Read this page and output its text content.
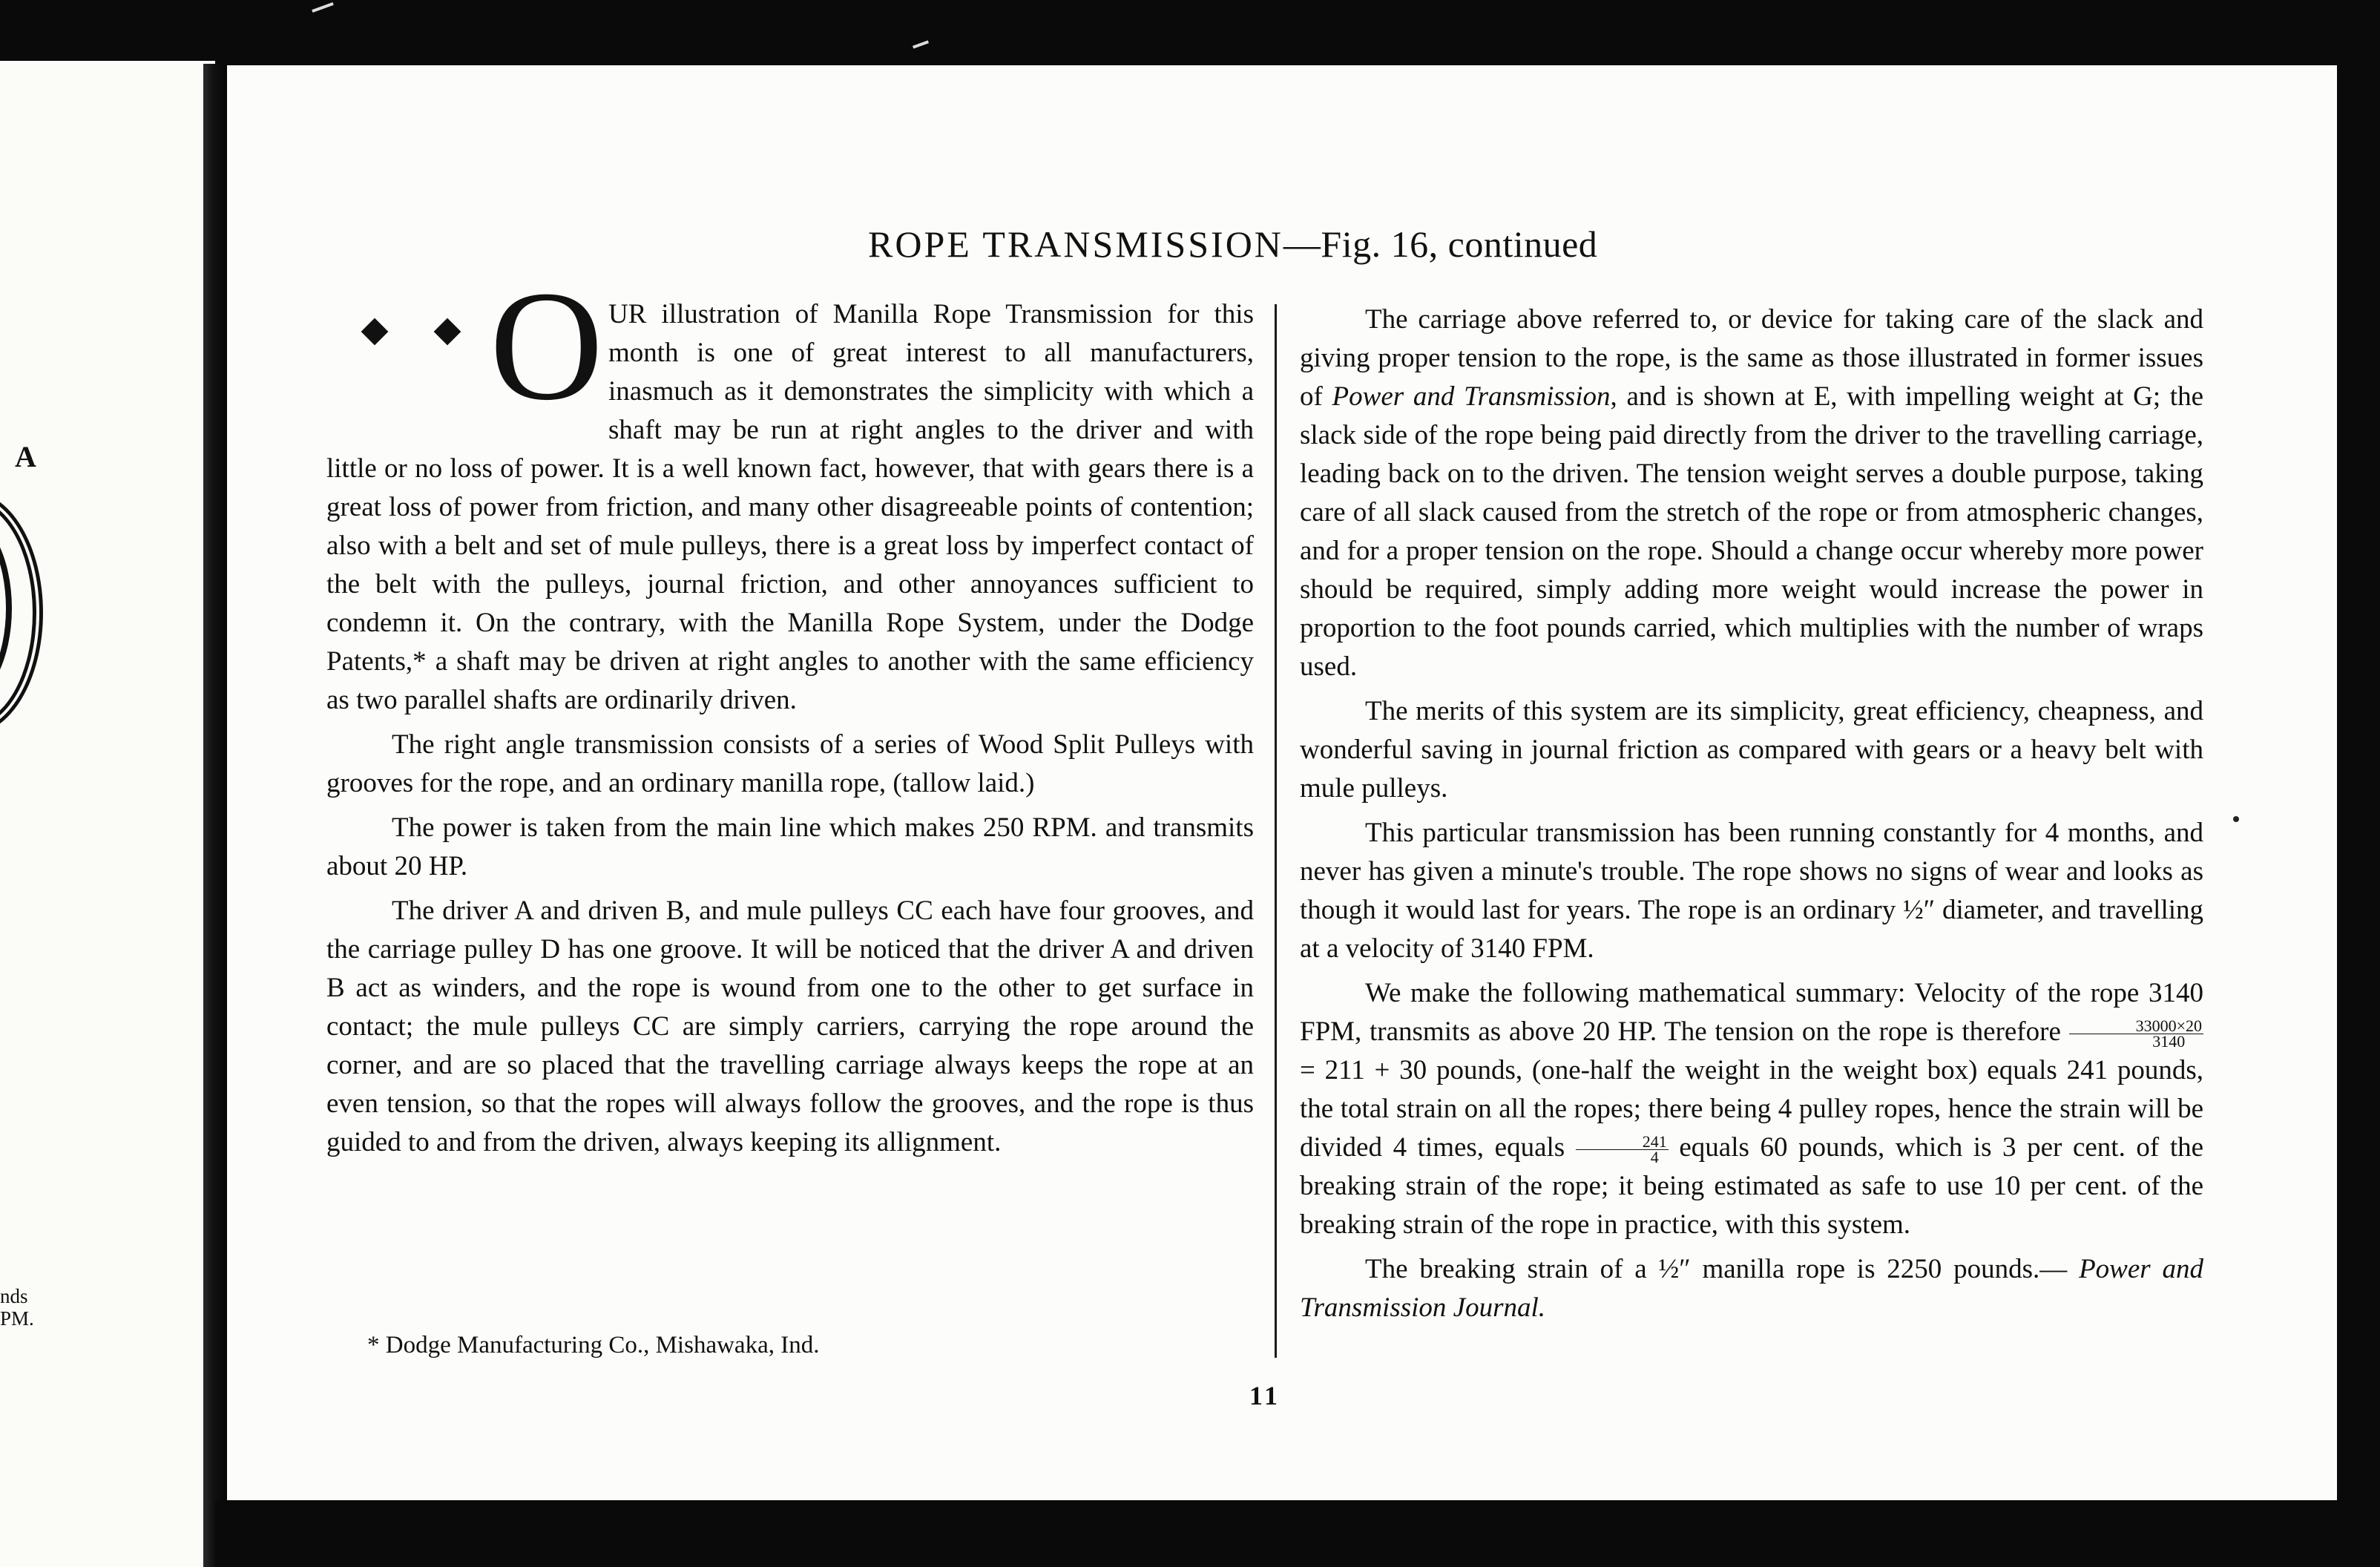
A
nds
PM.
ROPE TRANSMISSION—Fig. 16, continued
O UR illustration of Manilla Rope Transmission for this month is one of great interest to all manufacturers, inasmuch as it demonstrates the simplicity with which a shaft may be run at right angles to the driver and with little or no loss of power. It is a well known fact, however, that with gears there is a great loss of power from friction, and many other disagreeable points of contention; also with a belt and set of mule pulleys, there is a great loss by imperfect contact of the belt with the pulleys, journal friction, and other annoyances sufficient to condemn it. On the contrary, with the Manilla Rope System, under the Dodge Patents,* a shaft may be driven at right angles to another with the same efficiency as two parallel shafts are ordinarily driven.

The right angle transmission consists of a series of Wood Split Pulleys with grooves for the rope, and an ordinary manilla rope, (tallow laid.)

The power is taken from the main line which makes 250 RPM. and transmits about 20 HP.

The driver A and driven B, and mule pulleys CC each have four grooves, and the carriage pulley D has one groove. It will be noticed that the driver A and driven B act as winders, and the rope is wound from one to the other to get surface in contact; the mule pulleys CC are simply carriers, carrying the rope around the corner, and are so placed that the travelling carriage always keeps the rope at an even tension, so that the ropes will always follow the grooves, and the rope is thus guided to and from the driven, always keeping its allignment.

* Dodge Manufacturing Co., Mishawaka, Ind.

The carriage above referred to, or device for taking care of the slack and giving proper tension to the rope, is the same as those illustrated in former issues of Power and Transmission, and is shown at E, with impelling weight at G; the slack side of the rope being paid directly from the driver to the travelling carriage, leading back on to the driven. The tension weight serves a double purpose, taking care of all slack caused from the stretch of the rope or from atmospheric changes, and for a proper tension on the rope. Should a change occur whereby more power should be required, simply adding more weight would increase the power in proportion to the foot pounds carried, which multiplies with the number of wraps used.

The merits of this system are its simplicity, great efficiency, cheapness, and wonderful saving in journal friction as compared with gears or a heavy belt with mule pulleys.

This particular transmission has been running constantly for 4 months, and never has given a minute's trouble. The rope shows no signs of wear and looks as though it would last for years. The rope is an ordinary ½″ diameter, and travelling at a velocity of 3140 FPM.

We make the following mathematical summary: Velocity of the rope 3140 FPM, transmits as above 20 HP. The tension on the rope is therefore $\frac{33000\times 20}{3140}$
= 211 + 30 pounds, (one-half the weight in the weight box) equals 241 pounds, the total strain on all the ropes; there being 4 pulley ropes, hence the strain will be divided 4 times, equals $\frac{241}{4}$ equals 60 pounds, which is 3 per cent. of the breaking strain of the rope; it being estimated as safe to use 10 per cent. of the breaking strain of the rope in practice, with this system.

The breaking strain of a ½″ manilla rope is 2250 pounds.— Power and Transmission Journal.

11
